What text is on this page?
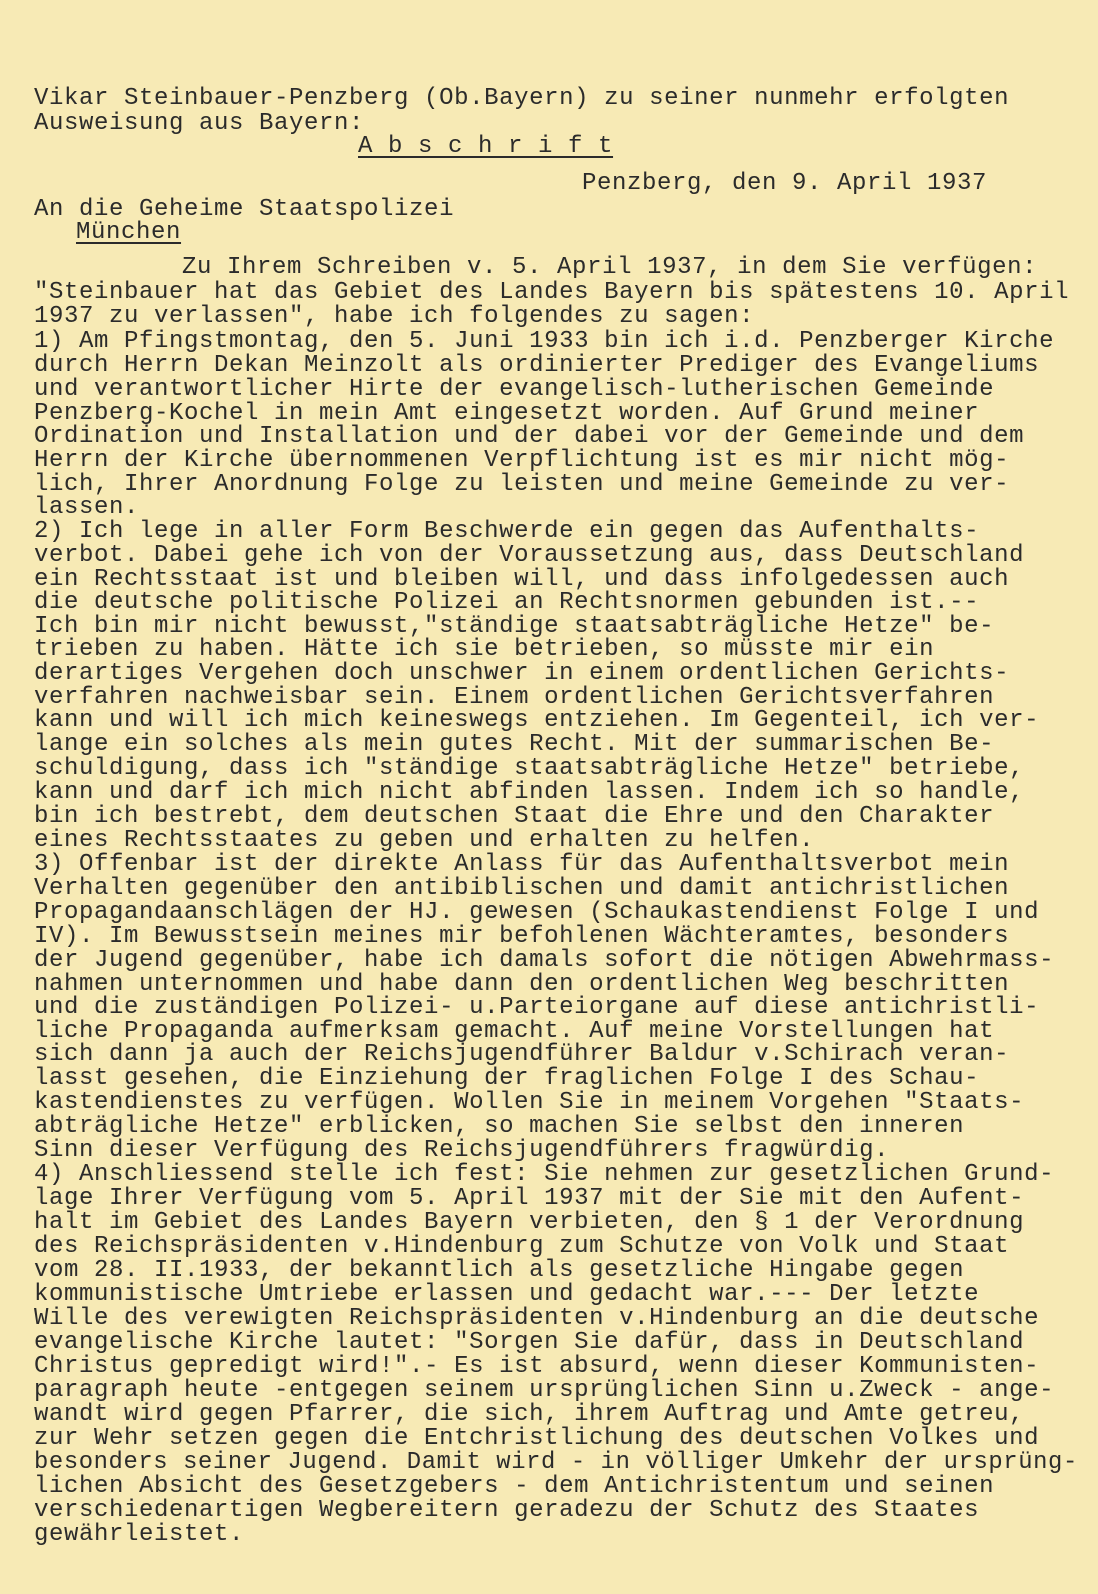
Vikar Steinbauer-Penzberg (Ob.Bayern) zu seiner nunmehr erfolgten
Ausweisung aus Bayern:
A b s c h r i f t
Penzberg, den 9. April 1937
An die Geheime Staatspolizei
München
Zu Ihrem Schreiben v. 5. April 1937, in dem Sie verfügen:
"Steinbauer hat das Gebiet des Landes Bayern bis spätestens 10. April
1937 zu verlassen", habe ich folgendes zu sagen:
1) Am Pfingstmontag, den 5. Juni 1933 bin ich i.d. Penzberger Kirche
durch Herrn Dekan Meinzolt als ordinierter Prediger des Evangeliums
und verantwortlicher Hirte der evangelisch-lutherischen Gemeinde
Penzberg-Kochel in mein Amt eingesetzt worden. Auf Grund meiner
Ordination und Installation und der dabei vor der Gemeinde und dem
Herrn der Kirche übernommenen Verpflichtung ist es mir nicht mög-
lich, Ihrer Anordnung Folge zu leisten und meine Gemeinde zu ver-
lassen.
2) Ich lege in aller Form Beschwerde ein gegen das Aufenthalts-
verbot. Dabei gehe ich von der Voraussetzung aus, dass Deutschland
ein Rechtsstaat ist und bleiben will, und dass infolgedessen auch
die deutsche politische Polizei an Rechtsnormen gebunden ist.--
Ich bin mir nicht bewusst,"ständige staatsabträgliche Hetze" be-
trieben zu haben. Hätte ich sie betrieben, so müsste mir ein
derartiges Vergehen doch unschwer in einem ordentlichen Gerichts-
verfahren nachweisbar sein. Einem ordentlichen Gerichtsverfahren
kann und will ich mich keineswegs entziehen. Im Gegenteil, ich ver-
lange ein solches als mein gutes Recht. Mit der summarischen Be-
schuldigung, dass ich "ständige staatsabträgliche Hetze" betriebe,
kann und darf ich mich nicht abfinden lassen. Indem ich so handle,
bin ich bestrebt, dem deutschen Staat die Ehre und den Charakter
eines Rechtsstaates zu geben und erhalten zu helfen.
3) Offenbar ist der direkte Anlass für das Aufenthaltsverbot mein
Verhalten gegenüber den antibiblischen und damit antichristlichen
Propagandaanschlägen der HJ. gewesen (Schaukastendienst Folge I und
IV). Im Bewusstsein meines mir befohlenen Wächteramtes, besonders
der Jugend gegenüber, habe ich damals sofort die nötigen Abwehrmass-
nahmen unternommen und habe dann den ordentlichen Weg beschritten
und die zuständigen Polizei- u.Parteiorgane auf diese antichristli-
liche Propaganda aufmerksam gemacht. Auf meine Vorstellungen hat
sich dann ja auch der Reichsjugendführer Baldur v.Schirach veran-
lasst gesehen, die Einziehung der fraglichen Folge I des Schau-
kastendienstes zu verfügen. Wollen Sie in meinem Vorgehen "Staats-
abträgliche Hetze" erblicken, so machen Sie selbst den inneren
Sinn dieser Verfügung des Reichsjugendführers fragwürdig.
4) Anschliessend stelle ich fest: Sie nehmen zur gesetzlichen Grund-
lage Ihrer Verfügung vom 5. April 1937 mit der Sie mit den Aufent-
halt im Gebiet des Landes Bayern verbieten, den § 1 der Verordnung
des Reichspräsidenten v.Hindenburg zum Schutze von Volk und Staat
vom 28. II.1933, der bekanntlich als gesetzliche Hingabe gegen
kommunistische Umtriebe erlassen und gedacht war.--- Der letzte
Wille des verewigten Reichspräsidenten v.Hindenburg an die deutsche
evangelische Kirche lautet: "Sorgen Sie dafür, dass in Deutschland
Christus gepredigt wird!".- Es ist absurd, wenn dieser Kommunisten-
paragraph heute -entgegen seinem ursprünglichen Sinn u.Zweck - ange-
wandt wird gegen Pfarrer, die sich, ihrem Auftrag und Amte getreu,
zur Wehr setzen gegen die Entchristlichung des deutschen Volkes und
besonders seiner Jugend. Damit wird - in völliger Umkehr der ursprüng-
lichen Absicht des Gesetzgebers - dem Antichristentum und seinen
verschiedenartigen Wegbereitern geradezu der Schutz des Staates
gewährleistet.
